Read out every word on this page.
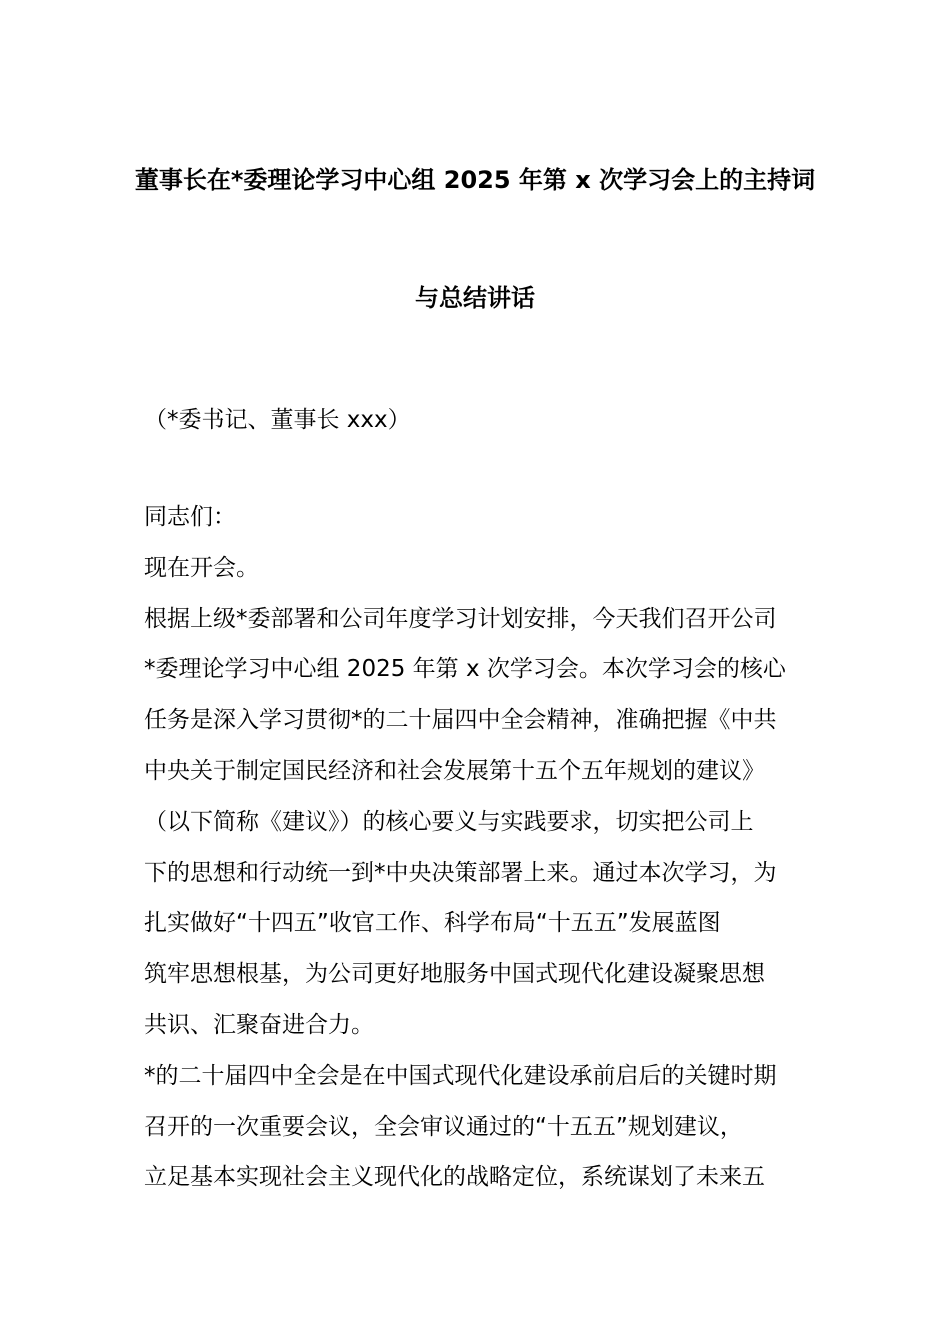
董事长在*委理论学习中心组 2025 年第 x 次学习会上的主持词
与总结讲话
（*委书记、董事长 xxx）
同志们：
现在开会。
根据上级*委部署和公司年度学习计划安排，今天我们召开公司
*委理论学习中心组 2025 年第 x 次学习会。本次学习会的核心
任务是深入学习贯彻*的二十届四中全会精神，准确把握《中共
中央关于制定国民经济和社会发展第十五个五年规划的建议》
（以下简称《建议》）的核心要义与实践要求，切实把公司上
下的思想和行动统一到*中央决策部署上来。通过本次学习，为
扎实做好“十四五”收官工作、科学布局“十五五”发展蓝图
筑牢思想根基，为公司更好地服务中国式现代化建设凝聚思想
共识、汇聚奋进合力。
*的二十届四中全会是在中国式现代化建设承前启后的关键时期
召开的一次重要会议，全会审议通过的“十五五”规划建议，
立足基本实现社会主义现代化的战略定位，系统谋划了未来五
